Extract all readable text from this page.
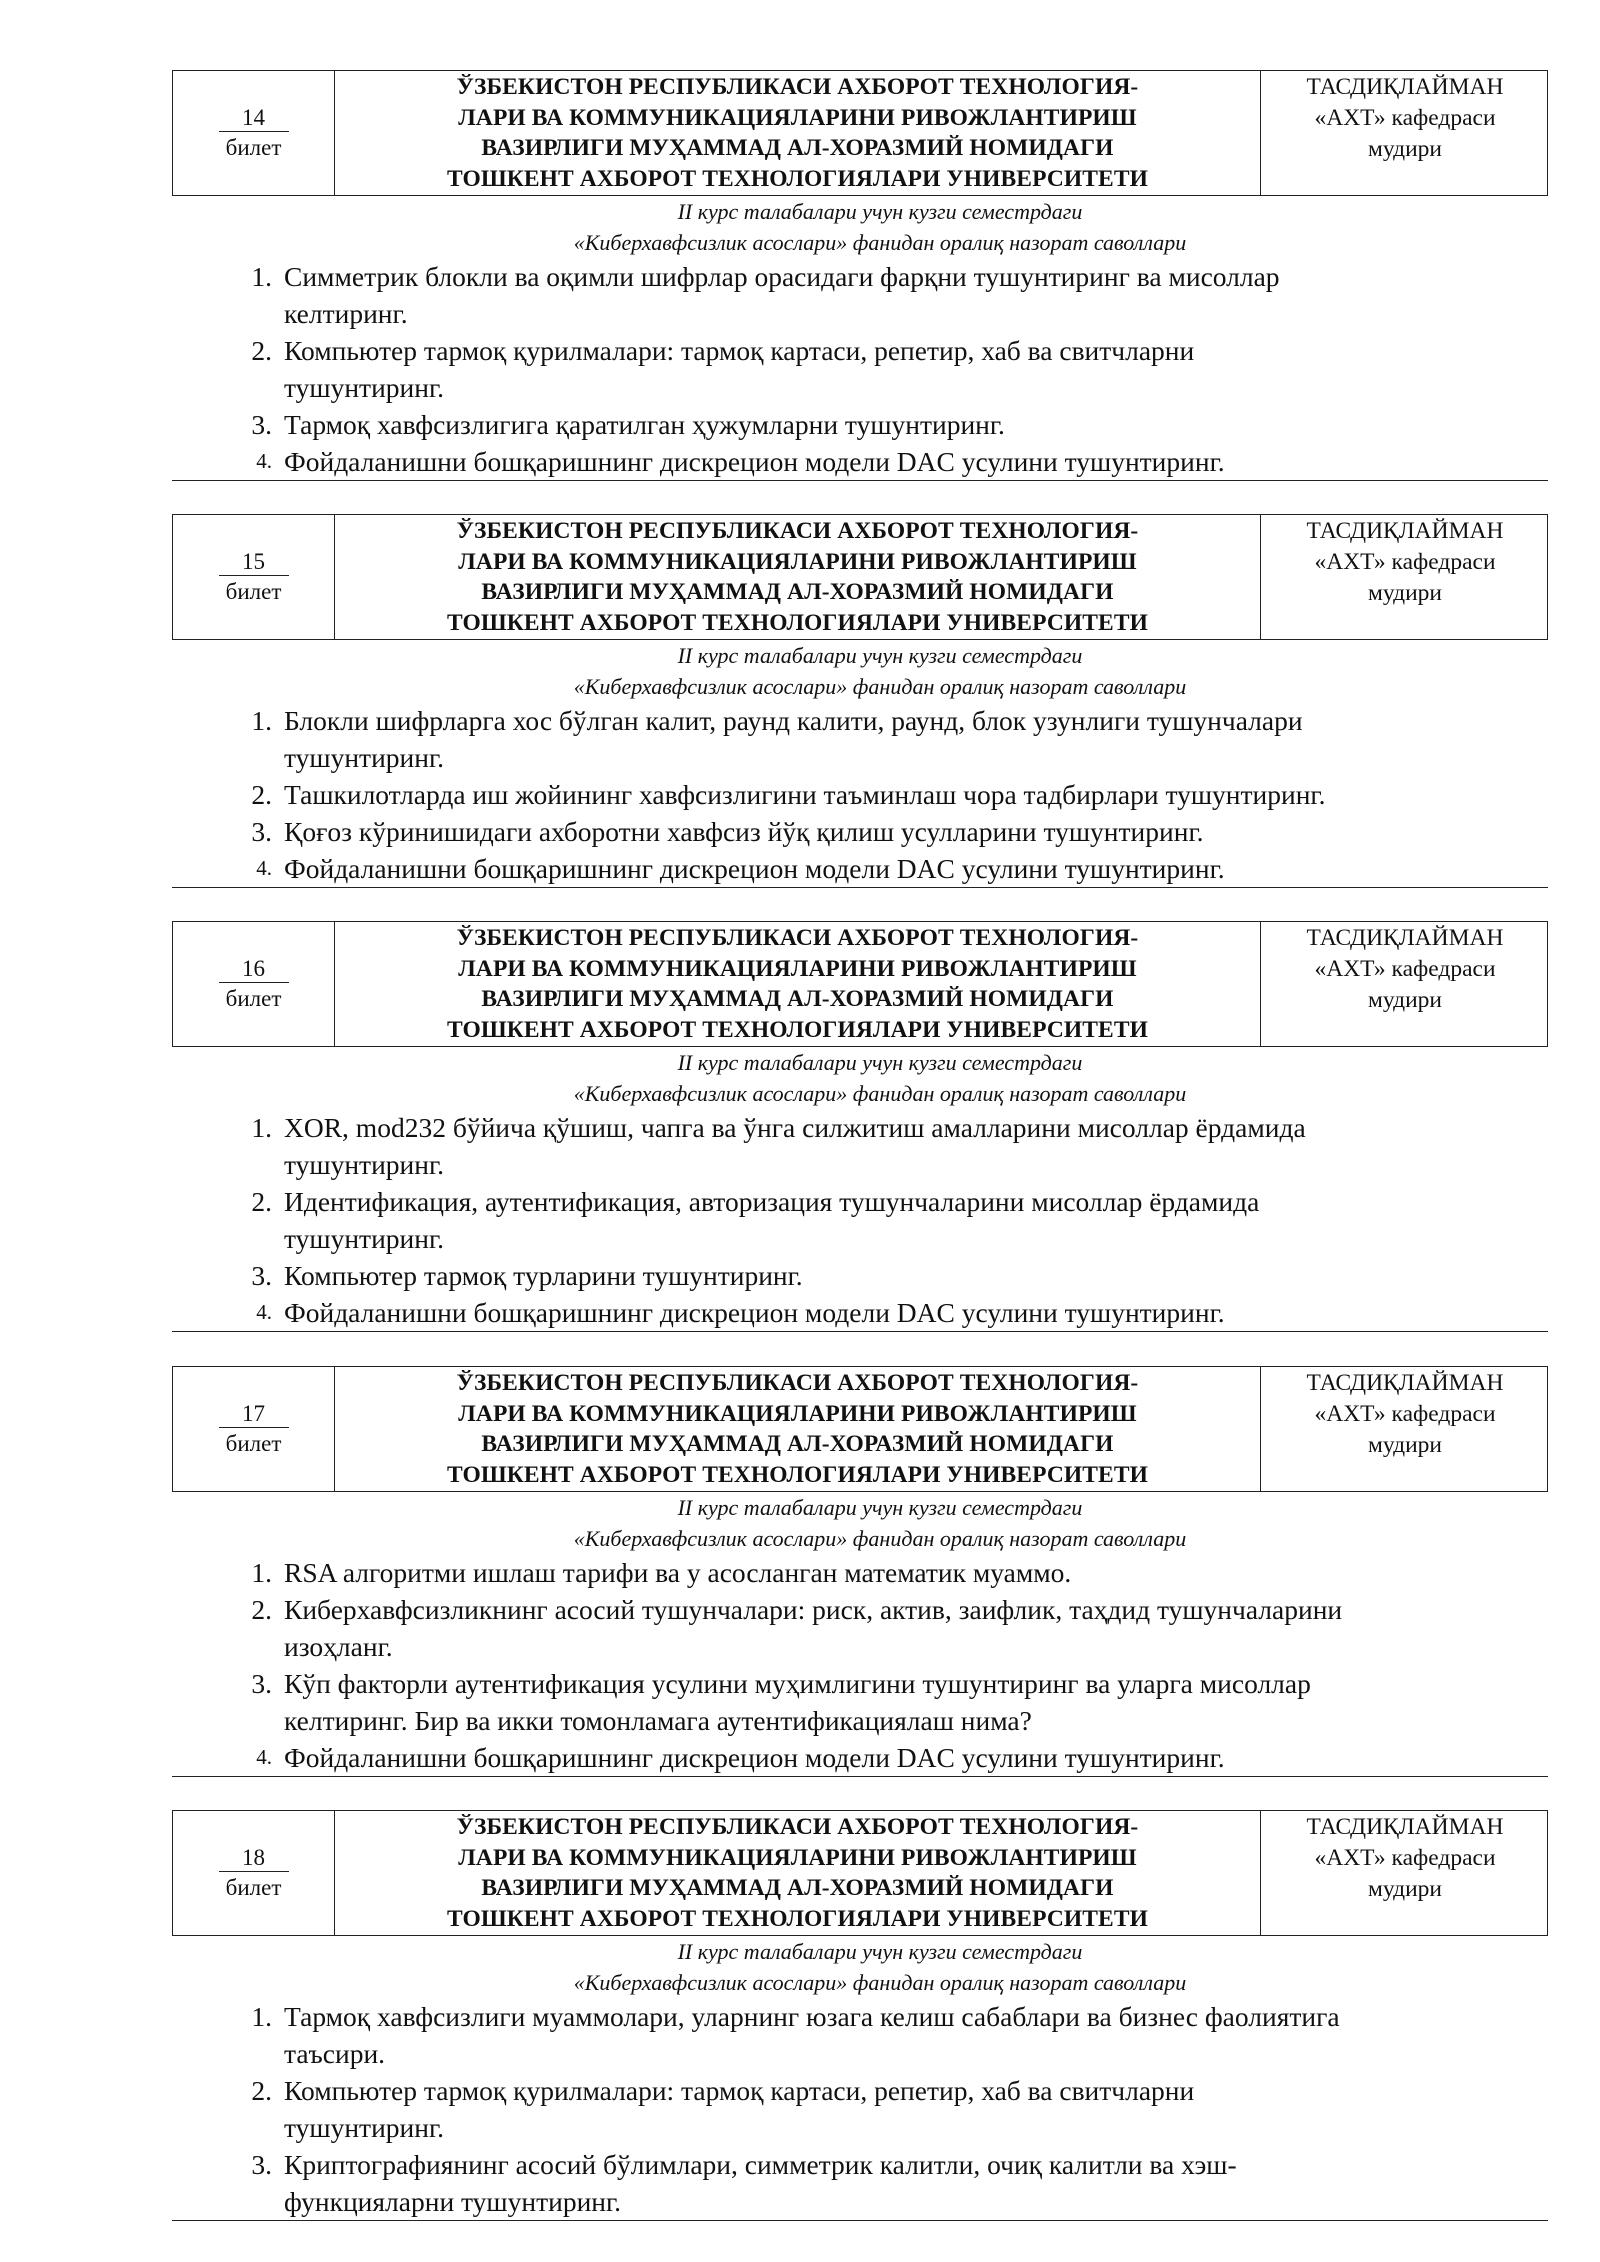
14
билет
ЎЗБЕКИСТОН РЕСПУБЛИКАСИ АХБОРОТ ТЕХНОЛОГИЯ-
ЛАРИ ВА КОММУНИКАЦИЯЛАРИНИ РИВОЖЛАНТИРИШ
ВАЗИРЛИГИ МУҲАММАД АЛ-ХОРАЗМИЙ НОМИДАГИ
ТОШКЕНТ АХБОРОТ ТЕХНОЛОГИЯЛАРИ УНИВЕРСИТЕТИ
ТАСДИҚЛАЙМАН
«АХТ» кафедраси
мудири
II курс талабалари учун кузги семестрдаги
«Киберхавфсизлик асослари» фанидан оралиқ назорат саволлари
1. Симметрик блокли ва оқимли шифрлар орасидаги фарқни тушунтиринг ва мисоллар
келтиринг.
2. Компьютер тармоқ қурилмалари: тармоқ картаси, репетир, хаб ва свитчларни
тушунтиринг.
3. Тармоқ хавфсизлигига қаратилган ҳужумларни тушунтиринг.
4. Фойдаланишни бошқаришнинг дискрецион модели DAC усулини тушунтиринг.
15
билет
ЎЗБЕКИСТОН РЕСПУБЛИКАСИ АХБОРОТ ТЕХНОЛОГИЯ-
ЛАРИ ВА КОММУНИКАЦИЯЛАРИНИ РИВОЖЛАНТИРИШ
ВАЗИРЛИГИ МУҲАММАД АЛ-ХОРАЗМИЙ НОМИДАГИ
ТОШКЕНТ АХБОРОТ ТЕХНОЛОГИЯЛАРИ УНИВЕРСИТЕТИ
ТАСДИҚЛАЙМАН
«АХТ» кафедраси
мудири
II курс талабалари учун кузги семестрдаги
«Киберхавфсизлик асослари» фанидан оралиқ назорат саволлари
1. Блокли шифрларга хос бўлган калит, раунд калити, раунд, блок узунлиги тушунчалари
тушунтиринг.
2. Ташкилотларда иш жойининг хавфсизлигини таъминлаш чора тадбирлари тушунтиринг.
3. Қоғоз кўринишидаги ахборотни хавфсиз йўқ қилиш усулларини тушунтиринг.
4. Фойдаланишни бошқаришнинг дискрецион модели DAC усулини тушунтиринг.
16
билет
ЎЗБЕКИСТОН РЕСПУБЛИКАСИ АХБОРОТ ТЕХНОЛОГИЯ-
ЛАРИ ВА КОММУНИКАЦИЯЛАРИНИ РИВОЖЛАНТИРИШ
ВАЗИРЛИГИ МУҲАММАД АЛ-ХОРАЗМИЙ НОМИДАГИ
ТОШКЕНТ АХБОРОТ ТЕХНОЛОГИЯЛАРИ УНИВЕРСИТЕТИ
ТАСДИҚЛАЙМАН
«АХТ» кафедраси
мудири
II курс талабалари учун кузги семестрдаги
«Киберхавфсизлик асослари» фанидан оралиқ назорат саволлари
1. XOR, mod232 бўйича қўшиш, чапга ва ўнга силжитиш амалларини мисоллар ёрдамида
тушунтиринг.
2. Идентификация, аутентификация, авторизация тушунчаларини мисоллар ёрдамида
тушунтиринг.
3. Компьютер тармоқ турларини тушунтиринг.
4. Фойдаланишни бошқаришнинг дискрецион модели DAC усулини тушунтиринг.
17
билет
ЎЗБЕКИСТОН РЕСПУБЛИКАСИ АХБОРОТ ТЕХНОЛОГИЯ-
ЛАРИ ВА КОММУНИКАЦИЯЛАРИНИ РИВОЖЛАНТИРИШ
ВАЗИРЛИГИ МУҲАММАД АЛ-ХОРАЗМИЙ НОМИДАГИ
ТОШКЕНТ АХБОРОТ ТЕХНОЛОГИЯЛАРИ УНИВЕРСИТЕТИ
ТАСДИҚЛАЙМАН
«АХТ» кафедраси
мудири
II курс талабалари учун кузги семестрдаги
«Киберхавфсизлик асослари» фанидан оралиқ назорат саволлари
1. RSA алгоритми ишлаш тарифи ва у асосланган математик муаммо.
2. Киберхавфсизликнинг асосий тушунчалари: риск, актив, заифлик, таҳдид тушунчаларини
изоҳланг.
3. Кўп факторли аутентификация усулини муҳимлигини тушунтиринг ва уларга мисоллар
келтиринг. Бир ва икки томонламага аутентификациялаш нима?
4. Фойдаланишни бошқаришнинг дискрецион модели DAC усулини тушунтиринг.
18
билет
ЎЗБЕКИСТОН РЕСПУБЛИКАСИ АХБОРОТ ТЕХНОЛОГИЯ-
ЛАРИ ВА КОММУНИКАЦИЯЛАРИНИ РИВОЖЛАНТИРИШ
ВАЗИРЛИГИ МУҲАММАД АЛ-ХОРАЗМИЙ НОМИДАГИ
ТОШКЕНТ АХБОРОТ ТЕХНОЛОГИЯЛАРИ УНИВЕРСИТЕТИ
ТАСДИҚЛАЙМАН
«АХТ» кафедраси
мудири
II курс талабалари учун кузги семестрдаги
«Киберхавфсизлик асослари» фанидан оралиқ назорат саволлари
1. Тармоқ хавфсизлиги муаммолари, уларнинг юзага келиш сабаблари ва бизнес фаолиятига
таъсири.
2. Компьютер тармоқ қурилмалари: тармоқ картаси, репетир, хаб ва свитчларни
тушунтиринг.
3. Криптографиянинг асосий бўлимлари, симметрик калитли, очиқ калитли ва хэш-
функцияларни тушунтиринг.
